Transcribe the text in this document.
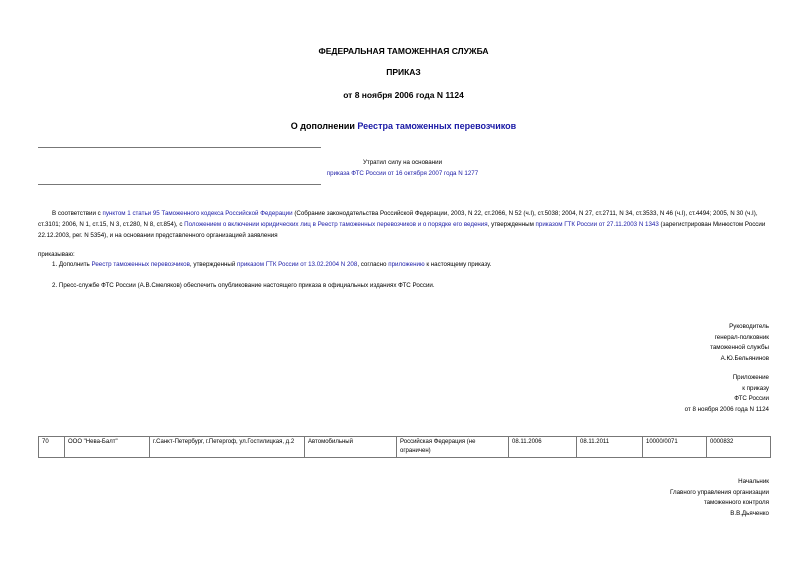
ФЕДЕРАЛЬНАЯ ТАМОЖЕННАЯ СЛУЖБА
ПРИКАЗ
от 8 ноября 2006 года N 1124
О дополнении Реестра таможенных перевозчиков
Утратил силу на основании
приказа ФТС России от 16 октября 2007 года N 1277
В соответствии с пунктом 1 статьи 95 Таможенного кодекса Российской Федерации (Собрание законодательства Российской Федерации, 2003, N 22, ст.2066, N 52 (ч.I), ст.5038; 2004, N 27, ст.2711, N 34, ст.3533, N 46 (ч.I), ст.4494; 2005, N 30 (ч.I), ст.3101; 2006, N 1, ст.15, N 3, ст.280, N 8, ст.854), с Положением о включении юридических лиц в Реестр таможенных перевозчиков и о порядке его ведения, утвержденным приказом ГТК России от 27.11.2003 N 1343 (зарегистрирован Минюстом России 22.12.2003, рег. N 5354), и на основании представленного организацией заявления
приказываю:
1. Дополнить Реестр таможенных перевозчиков, утвержденный приказом ГТК России от 13.02.2004 N 208, согласно приложению к настоящему приказу.
2. Пресс-службе ФТС России (А.В.Смеляков) обеспечить опубликование настоящего приказа в официальных изданиях ФТС России.
Руководитель
генерал-полковник
таможенной службы
А.Ю.Бельянинов
Приложение
к приказу
ФТС России
от 8 ноября 2006 года N 1124
70	ООО "Нева-Балт"	г.Санкт-Петербург, г.Петергоф, ул.Гостилицкая, д.2	Автомобильный	Российская Федерация (не ограничен)	08.11.2006	08.11.2011	10000/0071	0000832
Начальник
Главного управления организации
таможенного контроля
В.В.Дьяченко
